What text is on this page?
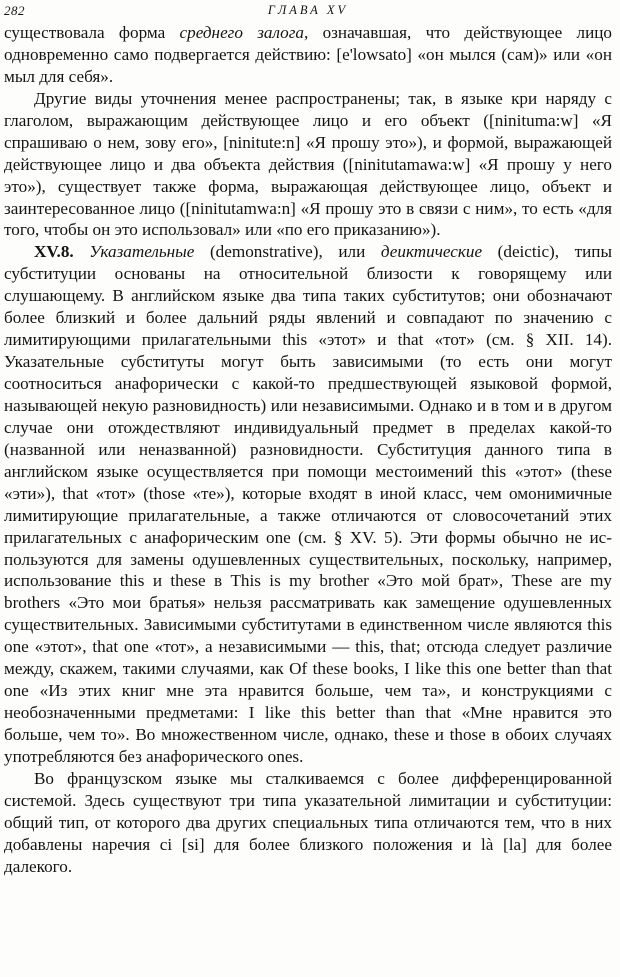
282	ГЛАВА XV

существовала форма среднего залога, означавшая, что действующее лицо одновременно само подвергается действию: [e'lowsato] «он мылся (сам)» или «он мыл для себя».

Другие виды уточнения менее распространены; так, в языке кри наряду с глаголом, выражающим действующее лицо и его объект ([ninituma:w] «Я спрашиваю о нем, зову его», [ninitute:n] «Я прошу это»), и формой, выражающей действующее лицо и два объекта действия ([ninitutamawa:w] «Я прошу у него это»), существует также форма, выражающая действующее лицо, объект и заинтересованное лицо ([ninitutamwa:n] «Я прошу это в связи с ним», то есть «для того, чтобы он это использовал» или «по его приказанию»).

XV.8. Указательные (demonstrative), или деиктические (deictic), типы субституции основаны на относительной близости к говорящему или слушающему. В английском языке два типа таких субститутов; они обозначают более близкий и более дальний ряды явлений и совпадают по значению с лимитирующими прилагательными this «этот» и that «тот» (см. § XII. 14). Указательные субституты могут быть зависимыми (то есть они могут соотноситься анафорически с какой-то предшествующей языковой формой, называющей некую разновидность) или независимыми. Однако и в том и в другом случае они отождествляют индивидуальный предмет в пределах какой-то (названной или неназванной) разновидности. Субституция данного типа в английском языке осуществляется при помощи местоимений this «этот» (these «эти»), that «тот» (those «те»), которые входят в иной класс, чем омонимичные лимитирующие прилагательные, а также отличаются от словосочетаний этих прилагательных с анафорическим one (см. § XV. 5). Эти формы обычно не используются для замены одушевленных существительных, поскольку, например, использование this и these в This is my brother «Это мой брат», These are my brothers «Это мои братья» нельзя рассматривать как замещение одушевленных существительных. Зависимыми субститутами в единственном числе являются this one «этот», that one «тот», а независимыми — this, that; отсюда следует различие между, скажем, такими случаями, как Of these books, I like this one better than that one «Из этих книг мне эта нравится больше, чем та», и конструкциями с необозначенными предметами: I like this better than that «Мне нравится это больше, чем то». Во множественном числе, однако, these и those в обоих случаях употребляются без анафорического ones.

Во французском языке мы сталкиваемся с более дифференцированной системой. Здесь существуют три типа указательной лимитации и субституции: общий тип, от которого два других специальных типа отличаются тем, что в них добавлены наречия ci [si] для более близкого положения и là [la] для более далекого.
